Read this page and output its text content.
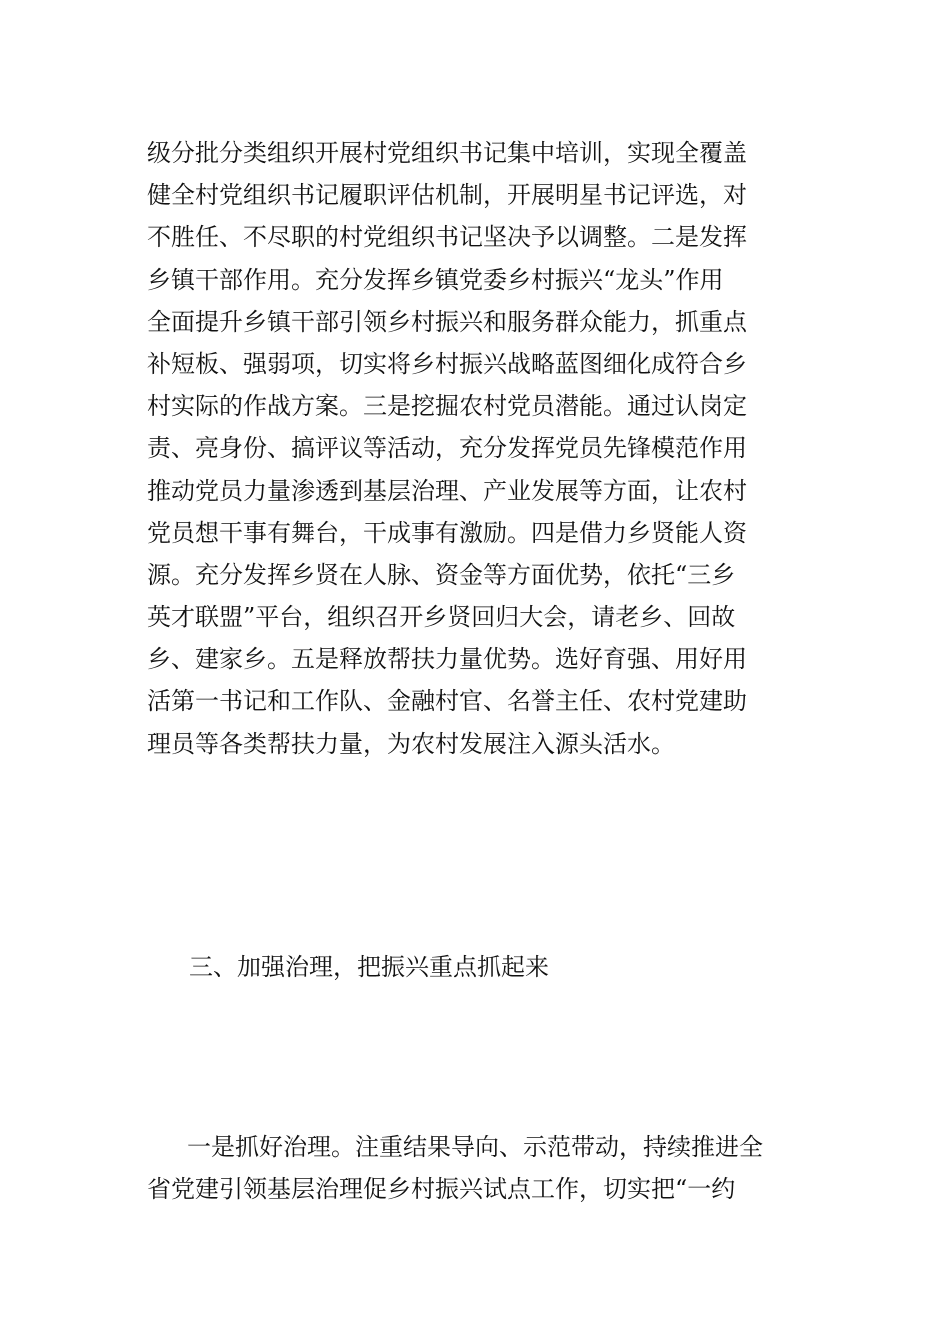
级分批分类组织开展村党组织书记集中培训，实现全覆盖
健全村党组织书记履职评估机制，开展明星书记评选，对
不胜任、不尽职的村党组织书记坚决予以调整。二是发挥
乡镇干部作用。充分发挥乡镇党委乡村振兴“龙头”作用
全面提升乡镇干部引领乡村振兴和服务群众能力，抓重点
补短板、强弱项，切实将乡村振兴战略蓝图细化成符合乡
村实际的作战方案。三是挖掘农村党员潜能。通过认岗定
责、亮身份、搞评议等活动，充分发挥党员先锋模范作用
推动党员力量渗透到基层治理、产业发展等方面，让农村
党员想干事有舞台，干成事有激励。四是借力乡贤能人资
源。充分发挥乡贤在人脉、资金等方面优势，依托“三乡
英才联盟”平台，组织召开乡贤回归大会，请老乡、回故
乡、建家乡。五是释放帮扶力量优势。选好育强、用好用
活第一书记和工作队、金融村官、名誉主任、农村党建助
理员等各类帮扶力量，为农村发展注入源头活水。
三、加强治理，把振兴重点抓起来
一是抓好治理。注重结果导向、示范带动，持续推进全
省党建引领基层治理促乡村振兴试点工作，切实把“一约
